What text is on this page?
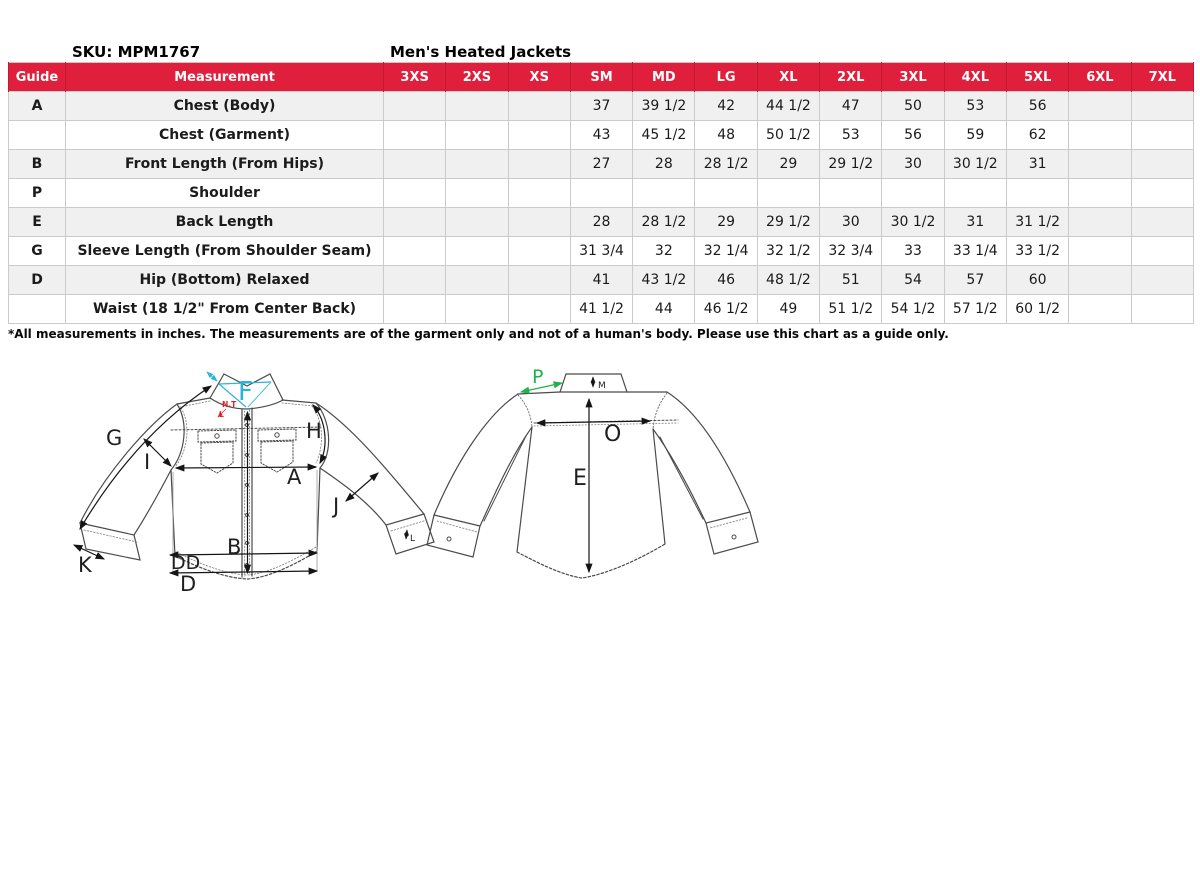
SKU: MPM1767	Men's Heated Jackets
Guide	Measurement	3XS	2XS	XS	SM	MD	LG	XL	2XL	3XL	4XL	5XL	6XL	7XL
A	Chest (Body)				37	39 1/2	42	44 1/2	47	50	53	56		
	Chest (Garment)				43	45 1/2	48	50 1/2	53	56	59	62		
B	Front Length (From Hips)				27	28	28 1/2	29	29 1/2	30	30 1/2	31		
P	Shoulder													
E	Back Length				28	28 1/2	29	29 1/2	30	30 1/2	31	31 1/2		
G	Sleeve Length (From Shoulder Seam)				31 3/4	32	32 1/4	32 1/2	32 3/4	33	33 1/4	33 1/2		
D	Hip (Bottom) Relaxed				41	43 1/2	46	48 1/2	51	54	57	60		
	Waist (18 1/2" From Center Back)				41 1/2	44	46 1/2	49	51 1/2	54 1/2	57 1/2	60 1/2		
*All measurements in inches. The measurements are of the garment only and not of a human's body. Please use this chart as a guide only.
N.T
L
G
I
F
H
A
J
B
K	DD
D
L
P	M
O
E
